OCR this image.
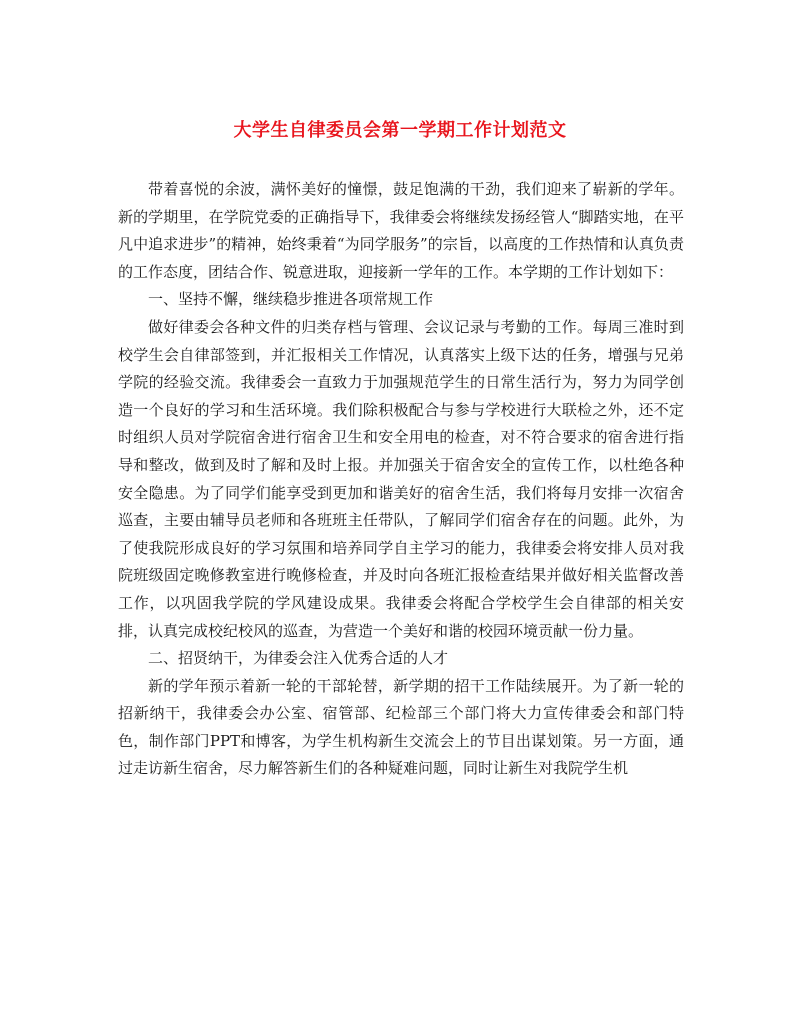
大学生自律委员会第一学期工作计划范文

带着喜悦的余波，满怀美好的憧憬，鼓足饱满的干劲，我们迎来了崭新的学年。新的学期里，在学院党委的正确指导下，我律委会将继续发扬经管人“脚踏实地，在平凡中追求进步”的精神，始终秉着“为同学服务”的宗旨，以高度的工作热情和认真负责的工作态度，团结合作、锐意进取，迎接新一学年的工作。本学期的工作计划如下：

一、坚持不懈，继续稳步推进各项常规工作

做好律委会各种文件的归类存档与管理、会议记录与考勤的工作。每周三准时到校学生会自律部签到，并汇报相关工作情况，认真落实上级下达的任务，增强与兄弟学院的经验交流。我律委会一直致力于加强规范学生的日常生活行为，努力为同学创造一个良好的学习和生活环境。我们除积极配合与参与学校进行大联检之外，还不定时组织人员对学院宿舍进行宿舍卫生和安全用电的检查，对不符合要求的宿舍进行指导和整改，做到及时了解和及时上报。并加强关于宿舍安全的宣传工作，以杜绝各种安全隐患。为了同学们能享受到更加和谐美好的宿舍生活，我们将每月安排一次宿舍巡查，主要由辅导员老师和各班班主任带队，了解同学们宿舍存在的问题。此外，为了使我院形成良好的学习氛围和培养同学自主学习的能力，我律委会将安排人员对我院班级固定晚修教室进行晚修检查，并及时向各班汇报检查结果并做好相关监督改善工作，以巩固我学院的学风建设成果。我律委会将配合学校学生会自律部的相关安排，认真完成校纪校风的巡查，为营造一个美好和谐的校园环境贡献一份力量。

二、招贤纳干，为律委会注入优秀合适的人才

新的学年预示着新一轮的干部轮替，新学期的招干工作陆续展开。为了新一轮的招新纳干，我律委会办公室、宿管部、纪检部三个部门将大力宣传律委会和部门特色，制作部门PPT和博客，为学生机构新生交流会上的节目出谋划策。另一方面，通过走访新生宿舍，尽力解答新生们的各种疑难问题，同时让新生对我院学生机
